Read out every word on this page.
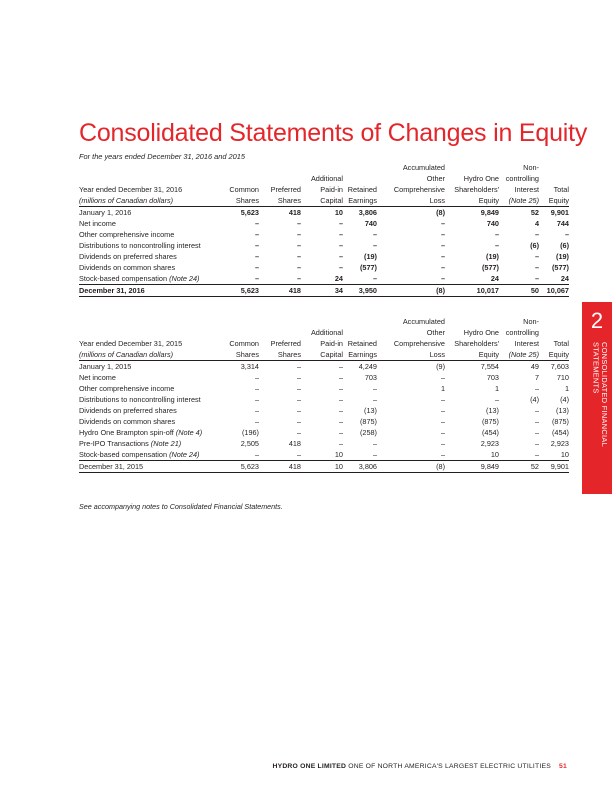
Consolidated Statements of Changes in Equity
For the years ended December 31, 2016 and 2015
					Accumulated		Non-	
			Additional		Other	Hydro One	controlling	
Year ended December 31, 2016	Common	Preferred	Paid-in	Retained	Comprehensive	Shareholders'	Interest	Total
(millions of Canadian dollars)	Shares	Shares	Capital	Earnings	Loss	Equity	(Note 25)	Equity
January 1, 2016	5,623	418	10	3,806	(8)	9,849	52	9,901
Net income	–	–	–	740	–	740	4	744
Other comprehensive income	–	–	–	–	–	–	–	–
Distributions to noncontrolling interest	–	–	–	–	–	–	(6)	(6)
Dividends on preferred shares	–	–	–	(19)	–	(19)	–	(19)
Dividends on common shares	–	–	–	(577)	–	(577)	–	(577)
Stock-based compensation (Note 24)	–	–	24	–	–	24	–	24
December 31, 2016	5,623	418	34	3,950	(8)	10,017	50	10,067
					Accumulated		Non-	
			Additional		Other	Hydro One	controlling	
Year ended December 31, 2015	Common	Preferred	Paid-in	Retained	Comprehensive	Shareholders'	Interest	Total
(millions of Canadian dollars)	Shares	Shares	Capital	Earnings	Loss	Equity	(Note 25)	Equity
January 1, 2015	3,314	–	–	4,249	(9)	7,554	49	7,603
Net income	–	–	–	703	–	703	7	710
Other comprehensive income	–	–	–	–	1	1	–	1
Distributions to noncontrolling interest	–	–	–	–	–	–	(4)	(4)
Dividends on preferred shares	–	–	–	(13)	–	(13)	–	(13)
Dividends on common shares	–	–	–	(875)	–	(875)	–	(875)
Hydro One Brampton spin-off (Note 4)	(196)	–	–	(258)	–	(454)	–	(454)
Pre-IPO Transactions (Note 21)	2,505	418	–	–	–	2,923	–	2,923
Stock-based compensation (Note 24)	–	–	10	–	–	10	–	10
December 31, 2015	5,623	418	10	3,806	(8)	9,849	52	9,901
See accompanying notes to Consolidated Financial Statements.
2
CONSOLIDATED FINANCIAL
STATEMENTS
HYDRO ONE LIMITED ONE OF NORTH AMERICA'S LARGEST ELECTRIC UTILITIES 51
